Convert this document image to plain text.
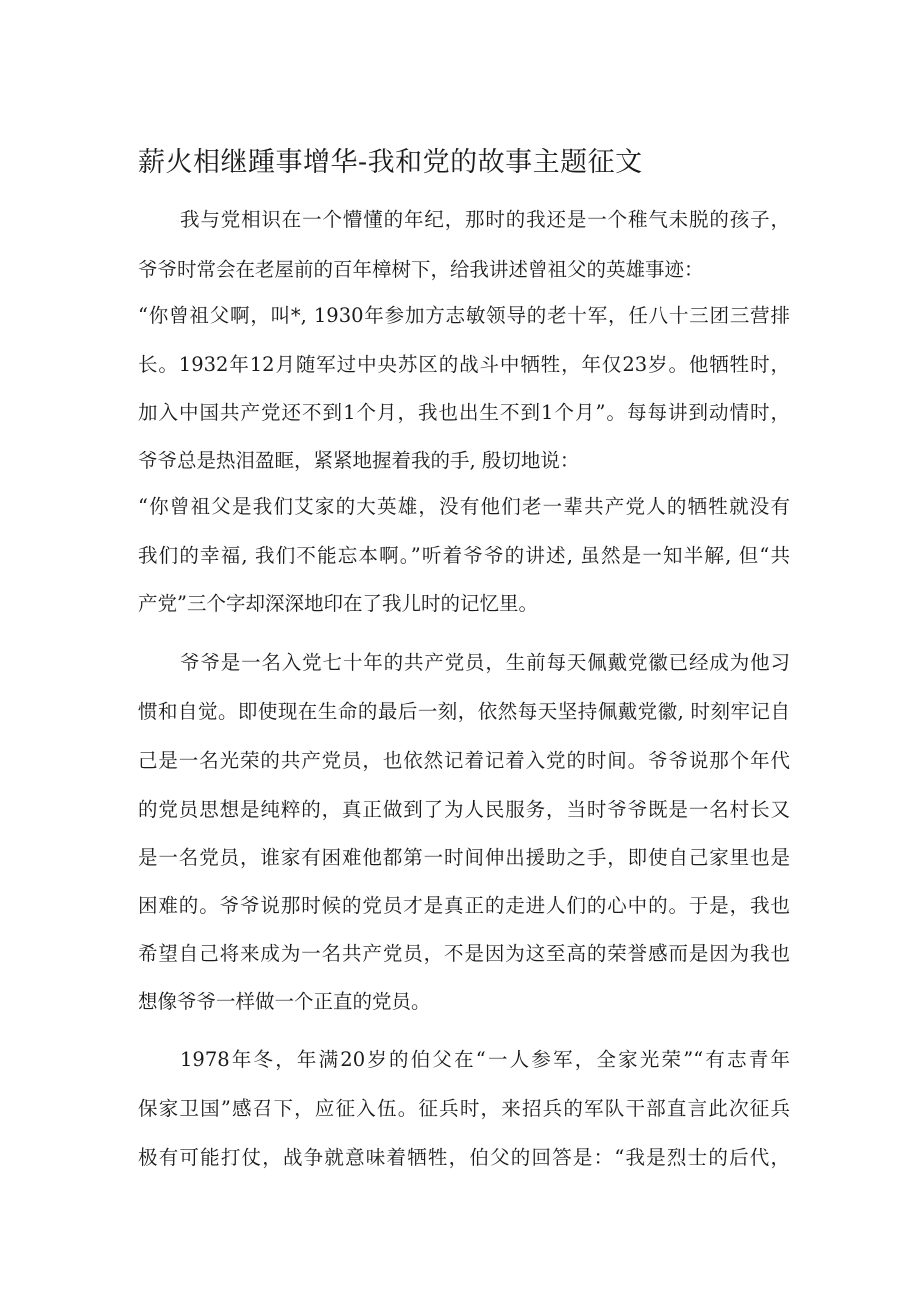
薪火相继踵事增华-我和党的故事主题征文

我与党相识在一个懵懂的年纪，那时的我还是一个稚气未脱的孩子，

爷爷时常会在老屋前的百年樟树下，给我讲述曾祖父的英雄事迹：

“你曾祖父啊，叫*, 1930年参加方志敏领导的老十军，任八十三团三营排

长。1932年12月随军过中央苏区的战斗中牺牲，年仅23岁。他牺牲时，

加入中国共产党还不到1个月，我也出生不到1个月”。每每讲到动情时，

爷爷总是热泪盈眶，紧紧地握着我的手, 殷切地说：

“你曾祖父是我们艾家的大英雄，没有他们老一辈共产党人的牺牲就没有

我们的幸福, 我们不能忘本啊。”听着爷爷的讲述, 虽然是一知半解, 但“共

产党”三个字却深深地印在了我儿时的记忆里。

爷爷是一名入党七十年的共产党员，生前每天佩戴党徽已经成为他习

惯和自觉。即使现在生命的最后一刻，依然每天坚持佩戴党徽, 时刻牢记自

己是一名光荣的共产党员，也依然记着记着入党的时间。爷爷说那个年代

的党员思想是纯粹的，真正做到了为人民服务，当时爷爷既是一名村长又

是一名党员，谁家有困难他都第一时间伸出援助之手，即使自己家里也是

困难的。爷爷说那时候的党员才是真正的走进人们的心中的。于是，我也

希望自己将来成为一名共产党员，不是因为这至高的荣誉感而是因为我也

想像爷爷一样做一个正直的党员。

1978年冬，年满20岁的伯父在“一人参军，全家光荣”“有志青年

保家卫国”感召下，应征入伍。征兵时，来招兵的军队干部直言此次征兵

极有可能打仗，战争就意味着牺牲，伯父的回答是：“我是烈士的后代，
